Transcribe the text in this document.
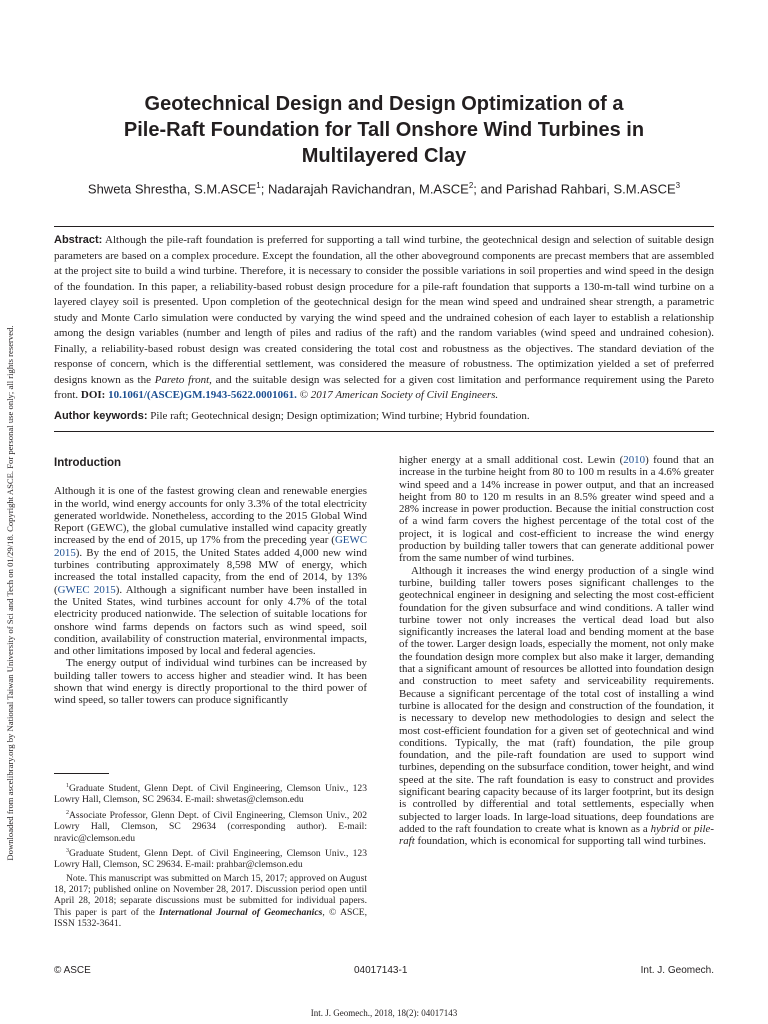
Downloaded from ascelibrary.org by National Taiwan University of Sci and Tech on 01/29/18. Copyright ASCE. For personal use only; all rights reserved.
Geotechnical Design and Design Optimization of a
Pile-Raft Foundation for Tall Onshore Wind Turbines in
Multilayered Clay
Shweta Shrestha, S.M.ASCE$^1$; Nadarajah Ravichandran, M.ASCE$^2$; and Parishad Rahbari, S.M.ASCE$^3$
Abstract: Although the pile-raft foundation is preferred for supporting a tall wind turbine, the geotechnical design and selection of suitable design parameters are based on a complex procedure. Except the foundation, all the other aboveground components are precast members that are assembled at the project site to build a wind turbine. Therefore, it is necessary to consider the possible variations in soil properties and wind speed in the design of the foundation. In this paper, a reliability-based robust design procedure for a pile-raft foundation that supports a 130-m-tall wind turbine on a layered clayey soil is presented. Upon completion of the geotechnical design for the mean wind speed and undrained shear strength, a parametric study and Monte Carlo simulation were conducted by varying the wind speed and the undrained cohesion of each layer to establish a relationship among the design variables (number and length of piles and radius of the raft) and the random variables (wind speed and undrained cohesion). Finally, a reliability-based robust design was created considering the total cost and robustness as the objectives. The standard deviation of the response of concern, which is the differential settlement, was considered the measure of robustness. The optimization yielded a set of preferred designs known as the Pareto front, and the suitable design was selected for a given cost limitation and performance requirement using the Pareto front. DOI: 10.1061/(ASCE)GM.1943-5622.0001061. © 2017 American Society of Civil Engineers.
Author keywords: Pile raft; Geotechnical design; Design optimization; Wind turbine; Hybrid foundation.
Introduction

Although it is one of the fastest growing clean and renewable energies in the world, wind energy accounts for only 3.3% of the total electricity generated worldwide. Nonetheless, according to the 2015 Global Wind Report (GEWC), the global cumulative installed wind capacity greatly increased by the end of 2015, up 17% from the preceding year (GEWC 2015). By the end of 2015, the United States added 4,000 new wind turbines contributing approximately 8,598 MW of energy, which increased the total installed capacity, from the end of 2014, by 13% (GWEC 2015). Although a significant number have been installed in the United States, wind turbines account for only 4.7% of the total electricity produced nationwide. The selection of suitable locations for onshore wind farms depends on factors such as wind speed, soil condition, availability of construction material, environmental impacts, and other limitations imposed by local and federal agencies.

The energy output of individual wind turbines can be increased by building taller towers to access higher and steadier wind. It has been shown that wind energy is directly proportional to the third power of wind speed, so taller towers can produce significantly

$^1$Graduate Student, Glenn Dept. of Civil Engineering, Clemson Univ., 123 Lowry Hall, Clemson, SC 29634. E-mail: shwetas@clemson.edu

$^2$Associate Professor, Glenn Dept. of Civil Engineering, Clemson Univ., 202 Lowry Hall, Clemson, SC 29634 (corresponding author). E-mail: nravic@clemson.edu

$^3$Graduate Student, Glenn Dept. of Civil Engineering, Clemson Univ., 123 Lowry Hall, Clemson, SC 29634. E-mail: prahbar@clemson.edu

Note. This manuscript was submitted on March 15, 2017; approved on August 18, 2017; published online on November 28, 2017. Discussion period open until April 28, 2018; separate discussions must be submitted for individual papers. This paper is part of the International Journal of Geomechanics, © ASCE, ISSN 1532-3641.

higher energy at a small additional cost. Lewin (2010) found that an increase in the turbine height from 80 to 100 m results in a 4.6% greater wind speed and a 14% increase in power output, and that an increased height from 80 to 120 m results in an 8.5% greater wind speed and a 28% increase in power production. Because the initial construction cost of a wind farm covers the highest percentage of the total cost of the project, it is logical and cost-efficient to increase the wind energy production by building taller towers that can generate additional power from the same number of wind turbines.

Although it increases the wind energy production of a single wind turbine, building taller towers poses significant challenges to the geotechnical engineer in designing and selecting the most cost-efficient foundation for the given subsurface and wind conditions. A taller wind turbine tower not only increases the vertical dead load but also significantly increases the lateral load and bending moment at the base of the tower. Larger design loads, especially the moment, not only make the foundation design more complex but also make it larger, demanding that a significant amount of resources be allotted into foundation design and construction to meet safety and serviceability requirements. Because a significant percentage of the total cost of installing a wind turbine is allocated for the design and construction of the foundation, it is necessary to develop new methodologies to design and select the most cost-efficient foundation for a given set of geotechnical and wind conditions. Typically, the mat (raft) foundation, the pile group foundation, and the pile-raft foundation are used to support wind turbines, depending on the subsurface condition, tower height, and wind speed at the site. The raft foundation is easy to construct and provides significant bearing capacity because of its larger footprint, but its design is controlled by differential and total settlements, especially when subjected to larger loads. In large-load situations, deep foundations are added to the raft foundation to create what is known as a hybrid or pile-raft foundation, which is economical for supporting tall wind turbines.

© ASCE	04017143-1	Int. J. Geomech.
Int. J. Geomech., 2018, 18(2): 04017143
